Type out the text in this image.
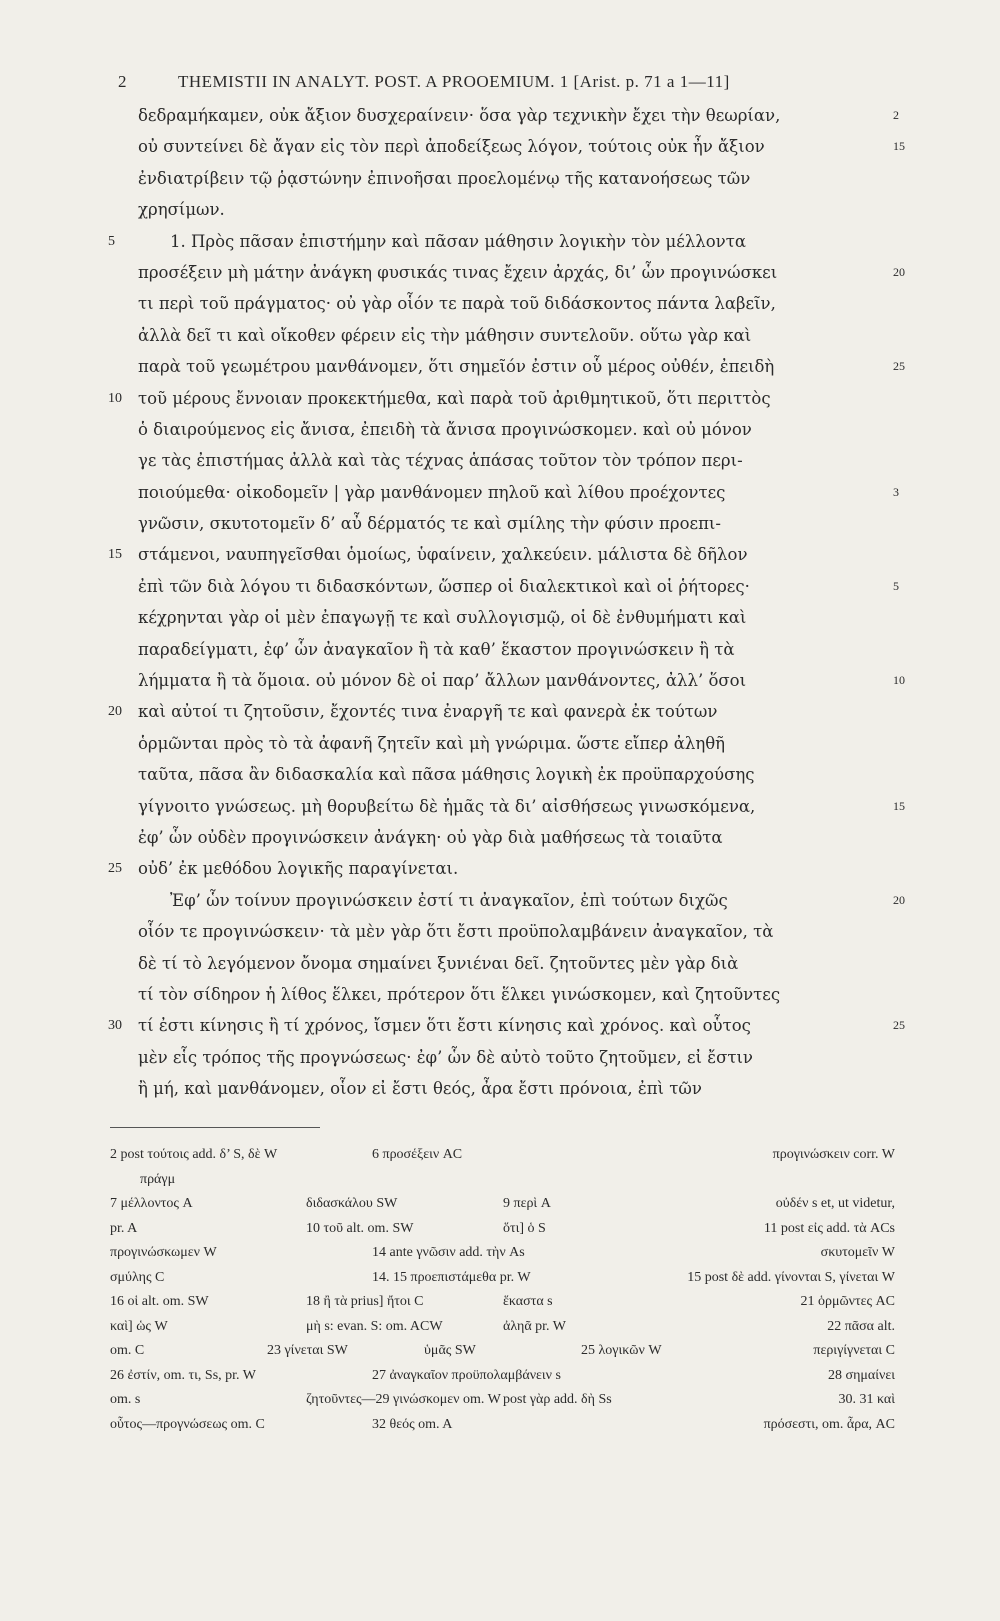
2	THEMISTII IN ANALYT. POST. A PROOEMIUM. 1 [Arist. p. 71 a 1—11]
δεδραμήκαμεν, οὐκ ἄξιον δυσχεραίνειν· ὅσα γὰρ τεχνικὴν ἔχει τὴν θεωρίαν,	2
οὐ συντείνει δὲ ἄγαν εἰς τὸν περὶ ἀποδείξεως λόγον, τούτοις οὐκ ἦν ἄξιον	15
ἐνδιατρίβειν τῷ ῥᾳστώνην ἐπινοῆσαι προελομένῳ τῆς κατανοήσεως τῶν
χρησίμων.
5	1. Πρὸς πᾶσαν ἐπιστήμην καὶ πᾶσαν μάθησιν λογικὴν τὸν μέλλοντα
προσέξειν μὴ μάτην ἀνάγκη φυσικάς τινας ἔχειν ἀρχάς, δι’ ὧν προγινώσκει	20
τι περὶ τοῦ πράγματος· οὐ γὰρ οἷόν τε παρὰ τοῦ διδάσκοντος πάντα λαβεῖν,
ἀλλὰ δεῖ τι καὶ οἴκοθεν φέρειν εἰς τὴν μάθησιν συντελοῦν. οὕτω γὰρ καὶ
παρὰ τοῦ γεωμέτρου μανθάνομεν, ὅτι σημεῖόν ἐστιν οὗ μέρος οὐθέν, ἐπειδὴ	25
10 τοῦ μέρους ἔννοιαν προκεκτήμεθα, καὶ παρὰ τοῦ ἀριθμητικοῦ, ὅτι περιττὸς
ὁ διαιρούμενος εἰς ἄνισα, ἐπειδὴ τὰ ἄνισα προγινώσκομεν. καὶ οὐ μόνον
γε τὰς ἐπιστήμας ἀλλὰ καὶ τὰς τέχνας ἁπάσας τοῦτον τὸν τρόπον περι-
ποιούμεθα· οἰκοδομεῖν | γὰρ μανθάνομεν πηλοῦ καὶ λίθου προέχοντες	3
γνῶσιν, σκυτοτομεῖν δ’ αὖ δέρματός τε καὶ σμίλης τὴν φύσιν προεπι-
15 στάμενοι, ναυπηγεῖσθαι ὁμοίως, ὑφαίνειν, χαλκεύειν. μάλιστα δὲ δῆλον
ἐπὶ τῶν διὰ λόγου τι διδασκόντων, ὥσπερ οἱ διαλεκτικοὶ καὶ οἱ ῥήτορες·	5
κέχρηνται γὰρ οἱ μὲν ἐπαγωγῇ τε καὶ συλλογισμῷ, οἱ δὲ ἐνθυμήματι καὶ
παραδείγματι, ἐφ’ ὧν ἀναγκαῖον ἢ τὰ καθ’ ἕκαστον προγινώσκειν ἢ τὰ
λήμματα ἢ τὰ ὅμοια. οὐ μόνον δὲ οἱ παρ’ ἄλλων μανθάνοντες, ἀλλ’ ὅσοι	10
20 καὶ αὐτοί τι ζητοῦσιν, ἔχοντές τινα ἐναργῆ τε καὶ φανερὰ ἐκ τούτων
ὁρμῶνται πρὸς τὸ τὰ ἀφανῆ ζητεῖν καὶ μὴ γνώριμα. ὥστε εἴπερ ἀληθῆ
ταῦτα, πᾶσα ἂν διδασκαλία καὶ πᾶσα μάθησις λογικὴ ἐκ προϋπαρχούσης
γίγνοιτο γνώσεως. μὴ θορυβείτω δὲ ἡμᾶς τὰ δι’ αἰσθήσεως γινωσκόμενα,	15
ἐφ’ ὧν οὐδὲν προγινώσκειν ἀνάγκη· οὐ γὰρ διὰ μαθήσεως τὰ τοιαῦτα
25 οὐδ’ ἐκ μεθόδου λογικῆς παραγίνεται.
Ἐφ’ ὧν τοίνυν προγινώσκειν ἐστί τι ἀναγκαῖον, ἐπὶ τούτων διχῶς	20
οἷόν τε προγινώσκειν· τὰ μὲν γὰρ ὅτι ἔστι προϋπολαμβάνειν ἀναγκαῖον, τὰ
δὲ τί τὸ λεγόμενον ὄνομα σημαίνει ξυνιέναι δεῖ. ζητοῦντες μὲν γὰρ διὰ
τί τὸν σίδηρον ἡ λίθος ἕλκει, πρότερον ὅτι ἕλκει γινώσκομεν, καὶ ζητοῦντες
30 τί ἐστι κίνησις ἢ τί χρόνος, ἴσμεν ὅτι ἔστι κίνησις καὶ χρόνος. καὶ οὗτος	25
μὲν εἷς τρόπος τῆς προγνώσεως· ἐφ’ ὧν δὲ αὐτὸ τοῦτο ζητοῦμεν, εἰ ἔστιν
ἢ μή, καὶ μανθάνομεν, οἷον εἰ ἔστι θεός, ἆρα ἔστι πρόνοια, ἐπὶ τῶν
2 post τούτοις add. δ’ S, δὲ W	6 προσέξειν AC	προγινώσκειν corr. W
πράγμ
7 μέλλοντος A	διδασκάλου SW	9 περὶ A	οὐδέν s et, ut videtur,
pr. A	10 τοῦ alt. om. SW	ὅτι] ὁ S	11 post εἰς add. τὰ ACs
προγινώσκωμεν W	14 ante γνῶσιν add. τὴν As	σκυτομεῖν W
σμύλης C	14. 15 προεπιστάμεθα pr. W	15 post δὲ add. γίνονται S, γίνεται W
16 οἱ alt. om. SW	18 ἢ τὰ prius] ἤτοι C	ἕκαστα s	21 ὁρμῶντες AC
καὶ] ὡς W	μὴ s: evan. S: om. ACW	ἀληᾶ pr. W	22 πᾶσα alt.
om. C	23 γίνεται SW	ὑμᾶς SW	25 λογικῶν W	περιγίγνεται C
26 ἐστίν, om. τι, Ss, pr. W	27 ἀναγκαῖον προϋπολαμβάνειν s	28 σημαίνει
om. s	ζητοῦντες—29 γινώσκομεν om. W post γὰρ add. δὴ Ss	30. 31 καὶ
οὗτος—προγνώσεως om. C	32 θεός om. A	πρόσεστι, om. ἆρα, AC
